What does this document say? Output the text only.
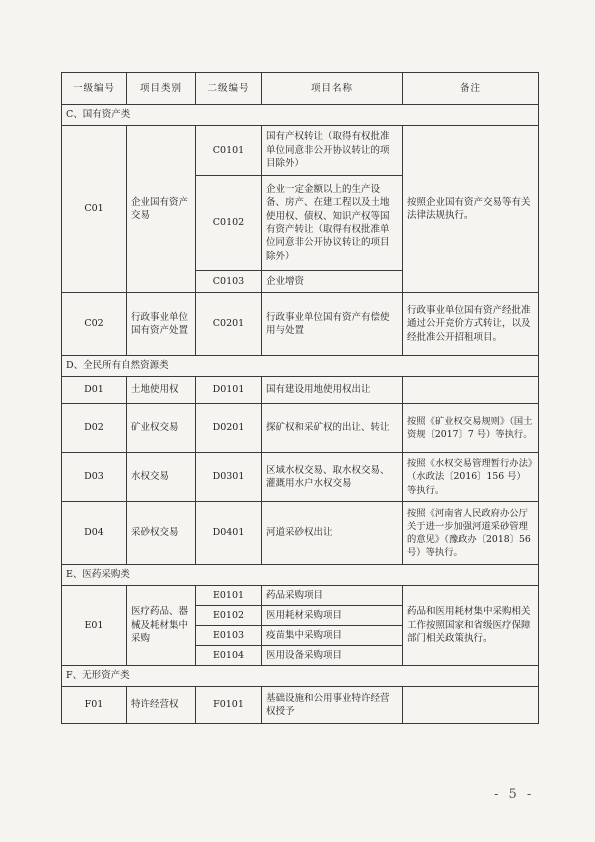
一级编号	项目类别	二级编号	项目名称	备注
C、国有资产类				
C01	企业国有资产交易	C0101	国有产权转让（取得有权批准单位同意非公开协议转让的项目除外）	按照企业国有资产交易等有关法律法规执行。
		C0102	企业一定金额以上的生产设备、房产、在建工程以及土地使用权、债权、知识产权等国有资产转让（取得有权批准单位同意非公开协议转让的项目除外）	
		C0103	企业增资	
C02	行政事业单位国有资产处置	C0201	行政事业单位国有资产有偿使用与处置	行政事业单位国有资产经批准通过公开竞价方式转让，以及经批准公开招租项目。
D、全民所有自然资源类				
D01	土地使用权	D0101	国有建设用地使用权出让	
D02	矿业权交易	D0201	探矿权和采矿权的出让、转让	按照《矿业权交易规则》（国土资规〔2017〕7 号）等执行。
D03	水权交易	D0301	区域水权交易、取水权交易、灌溉用水户水权交易	按照《水权交易管理暂行办法》（水政法〔2016〕156 号）等执行。
D04	采砂权交易	D0401	河道采砂权出让	按照《河南省人民政府办公厅关于进一步加强河道采砂管理的意见》（豫政办〔2018〕56 号）等执行。
E、医药采购类				
E01	医疗药品、器械及耗材集中采购	E0101	药品采购项目	药品和医用耗材集中采购相关工作按照国家和省级医疗保障部门相关政策执行。
		E0102	医用耗材采购项目	
		E0103	疫苗集中采购项目	
		E0104	医用设备采购项目	
F、无形资产类				
F01	特许经营权	F0101	基础设施和公用事业特许经营权授予	
- 5 -
